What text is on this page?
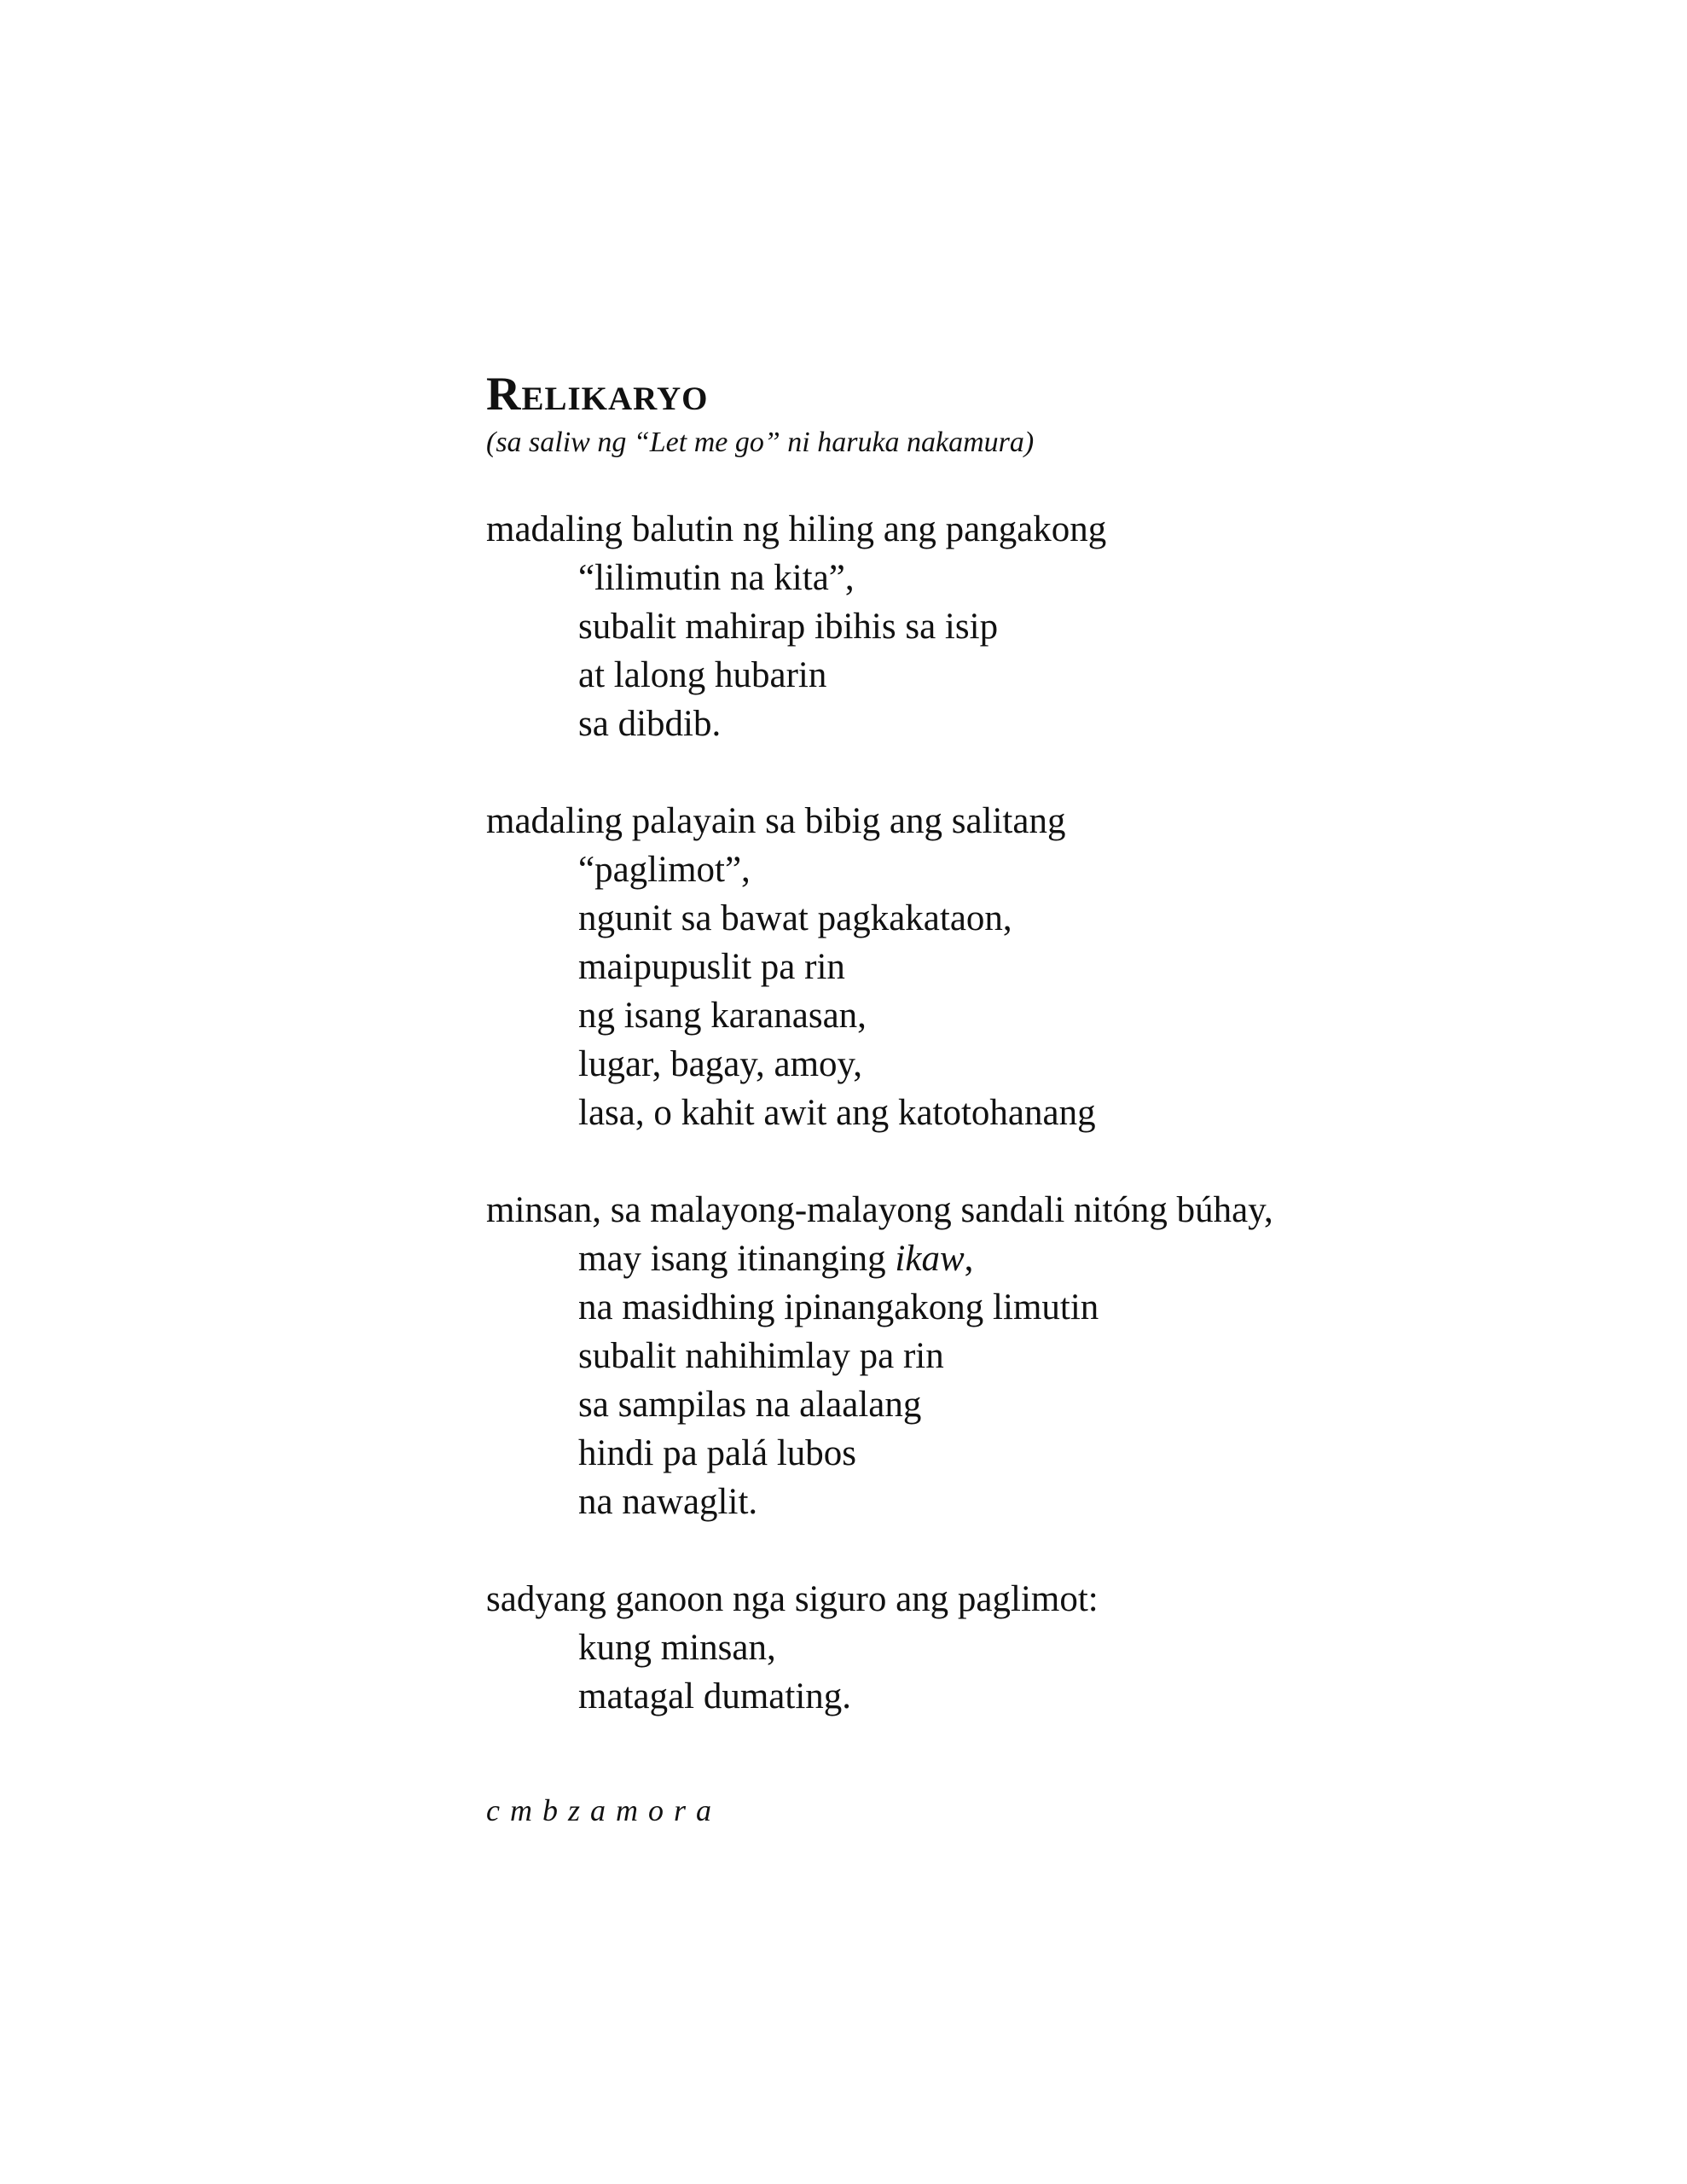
Relikaryo

(sa saliw ng “Let me go” ni haruka nakamura)

madaling balutin ng hiling ang pangakong
“lilimutin na kita”,
subalit mahirap ibihis sa isip
at lalong hubarin
sa dibdib.
madaling palayain sa bibig ang salitang
“paglimot”,
ngunit sa bawat pagkakataon,
maipupuslit pa rin
ng isang karanasan,
lugar, bagay, amoy,
lasa, o kahit awit ang katotohanang
minsan, sa malayong-malayong sandali nitóng búhay,
may isang itinanging ikaw,
na masidhing ipinangakong limutin
subalit nahihimlay pa rin
sa sampilas na alaalang
hindi pa palá lubos
na nawaglit.
sadyang ganoon nga siguro ang paglimot:
kung minsan,
matagal dumating.
cmbzamora
